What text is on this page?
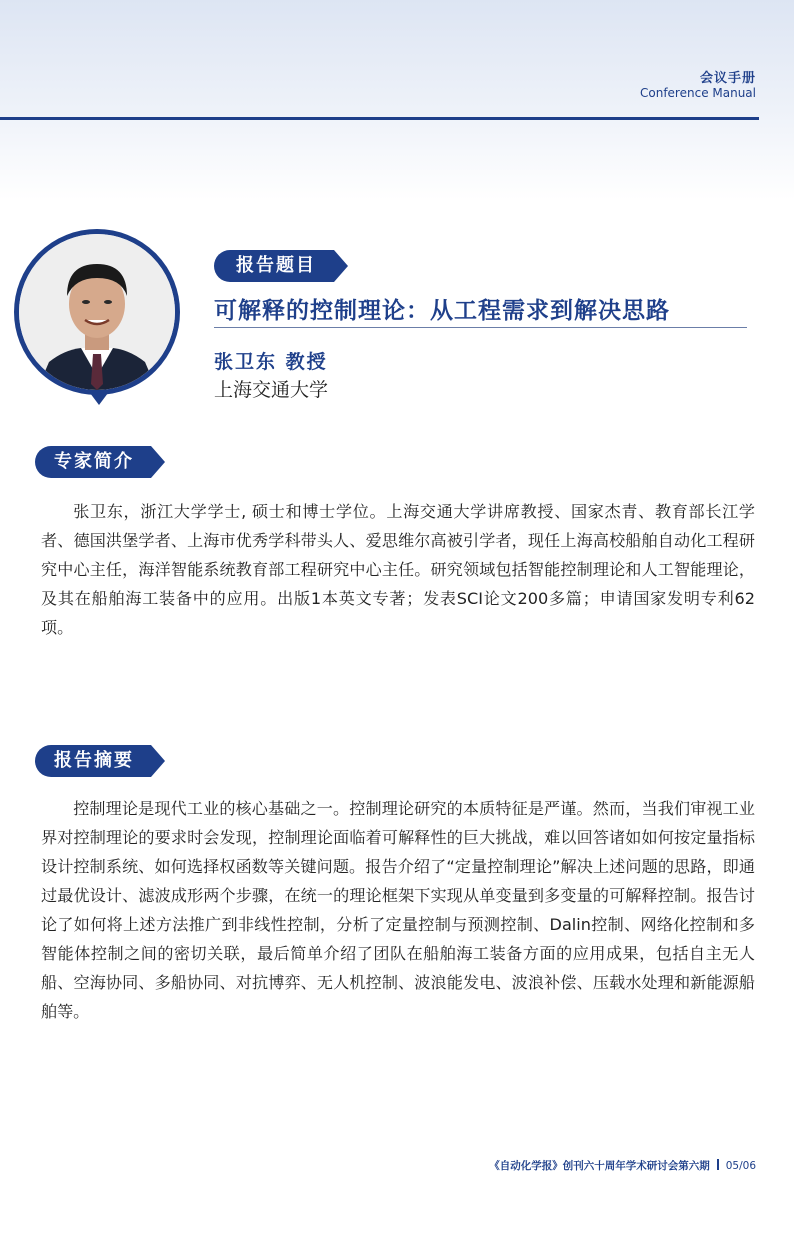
会议手册
Conference Manual
报告题目
可解释的控制理论：从工程需求到解决思路
张卫东 教授
上海交通大学
专家简介

张卫东，浙江大学学士, 硕士和博士学位。上海交通大学讲席教授、国家杰青、教育部长江学者、德国洪堡学者、上海市优秀学科带头人、爱思维尔高被引学者，现任上海高校船舶自动化工程研究中心主任，海洋智能系统教育部工程研究中心主任。研究领域包括智能控制理论和人工智能理论，及其在船舶海工装备中的应用。出版1本英文专著；发表SCI论文200多篇；申请国家发明专利62项。

报告摘要

控制理论是现代工业的核心基础之一。控制理论研究的本质特征是严谨。然而，当我们审视工业界对控制理论的要求时会发现，控制理论面临着可解释性的巨大挑战，难以回答诸如如何按定量指标设计控制系统、如何选择权函数等关键问题。报告介绍了“定量控制理论”解决上述问题的思路，即通过最优设计、滤波成形两个步骤，在统一的理论框架下实现从单变量到多变量的可解释控制。报告讨论了如何将上述方法推广到非线性控制，分析了定量控制与预测控制、Dalin控制、网络化控制和多智能体控制之间的密切关联，最后简单介绍了团队在船舶海工装备方面的应用成果，包括自主无人船、空海协同、多船协同、对抗博弈、无人机控制、波浪能发电、波浪补偿、压载水处理和新能源船舶等。

《自动化学报》创刊六十周年学术研讨会第六期 05/06
